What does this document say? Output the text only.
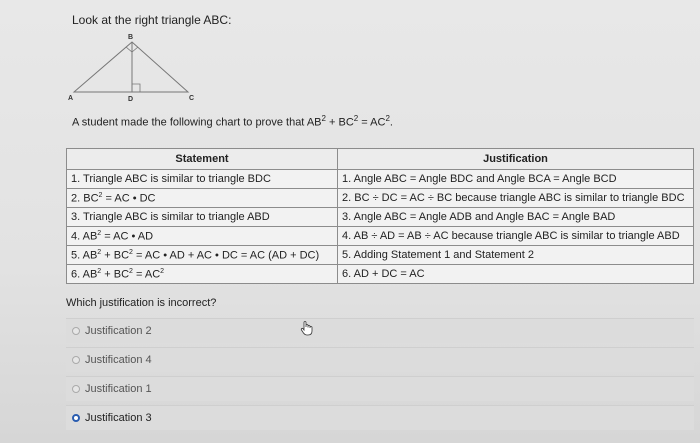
Look at the right triangle ABC:
B
A	D	C
A student made the following chart to prove that $AB^2 + BC^2 = AC^2$.
Statement	Justification
1. Triangle ABC is similar to triangle BDC	1. Angle ABC = Angle BDC and Angle BCA = Angle BCD
2. $BC^2$ = AC • DC	2. BC ÷ DC = AC ÷ BC because triangle ABC is similar to triangle BDC
3. Triangle ABC is similar to triangle ABD	3. Angle ABC = Angle ADB and Angle BAC = Angle BAD
4. $AB^2$ = AC • AD	4. AB ÷ AD = AB ÷ AC because triangle ABC is similar to triangle ABD
5. $AB^2 + BC^2$ = AC • AD + AC • DC = AC (AD + DC)	5. Adding Statement 1 and Statement 2
6. $AB^2 + BC^2 = AC^2$	6. AD + DC = AC
Which justification is incorrect?
Justification 2
Justification 4
Justification 1
Justification 3
